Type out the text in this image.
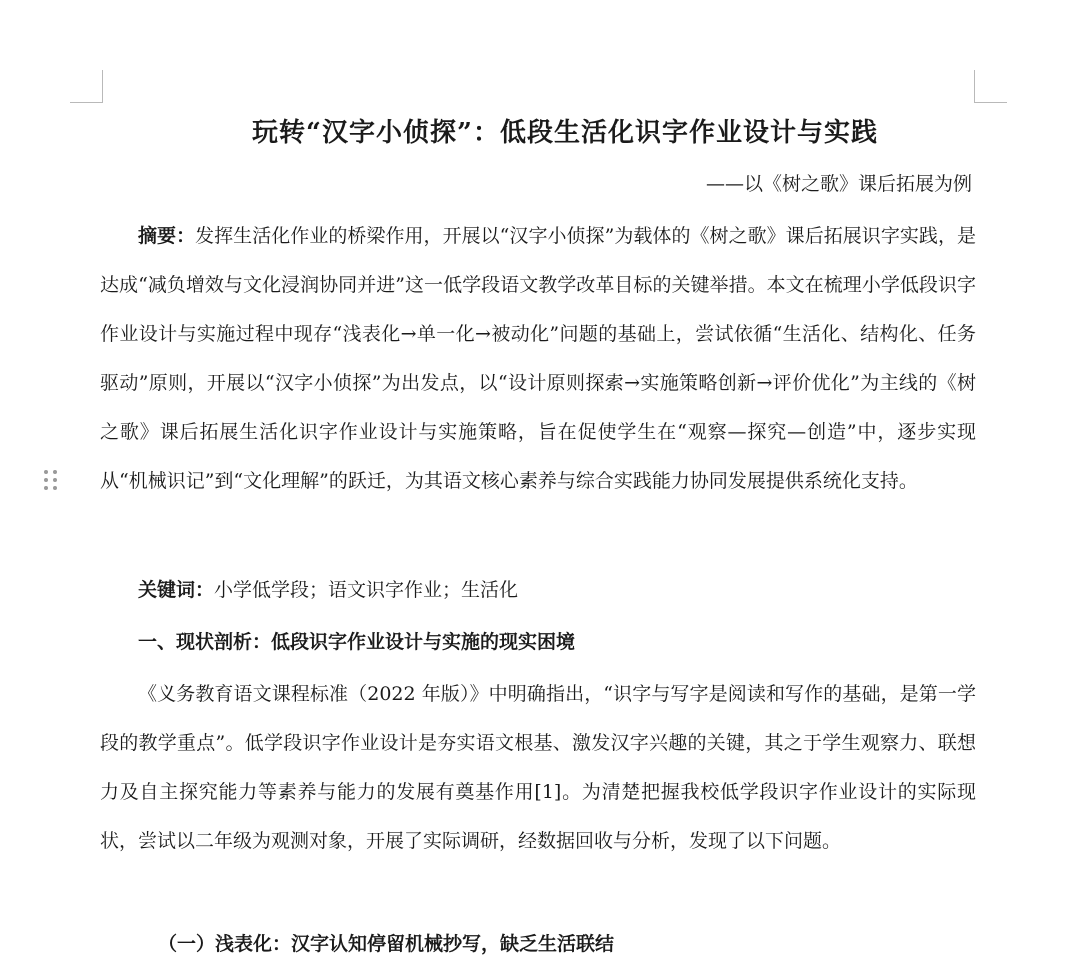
玩转“汉字小侦探”：低段生活化识字作业设计与实践

——以《树之歌》课后拓展为例

摘要：发挥生活化作业的桥梁作用，开展以“汉字小侦探”为载体的《树之歌》课后拓展识字实践，是达成“减负增效与文化浸润协同并进”这一低学段语文教学改革目标的关键举措。本文在梳理小学低段识字作业设计与实施过程中现存“浅表化→单一化→被动化”问题的基础上，尝试依循“生活化、结构化、任务驱动”原则，开展以“汉字小侦探”为出发点，以“设计原则探索→实施策略创新→评价优化”为主线的《树之歌》课后拓展生活化识字作业设计与实施策略，旨在促使学生在“观察—探究—创造”中，逐步实现从“机械识记”到“文化理解”的跃迁，为其语文核心素养与综合实践能力协同发展提供系统化支持。

关键词：小学低学段；语文识字作业；生活化

一、现状剖析：低段识字作业设计与实施的现实困境

《义务教育语文课程标准（2022 年版）》中明确指出，“识字与写字是阅读和写作的基础，是第一学段的教学重点”。低学段识字作业设计是夯实语文根基、激发汉字兴趣的关键，其之于学生观察力、联想力及自主探究能力等素养与能力的发展有奠基作用[1]。为清楚把握我校低学段识字作业设计的实际现状，尝试以二年级为观测对象，开展了实际调研，经数据回收与分析，发现了以下问题。

（一）浅表化：汉字认知停留机械抄写，缺乏生活联结
